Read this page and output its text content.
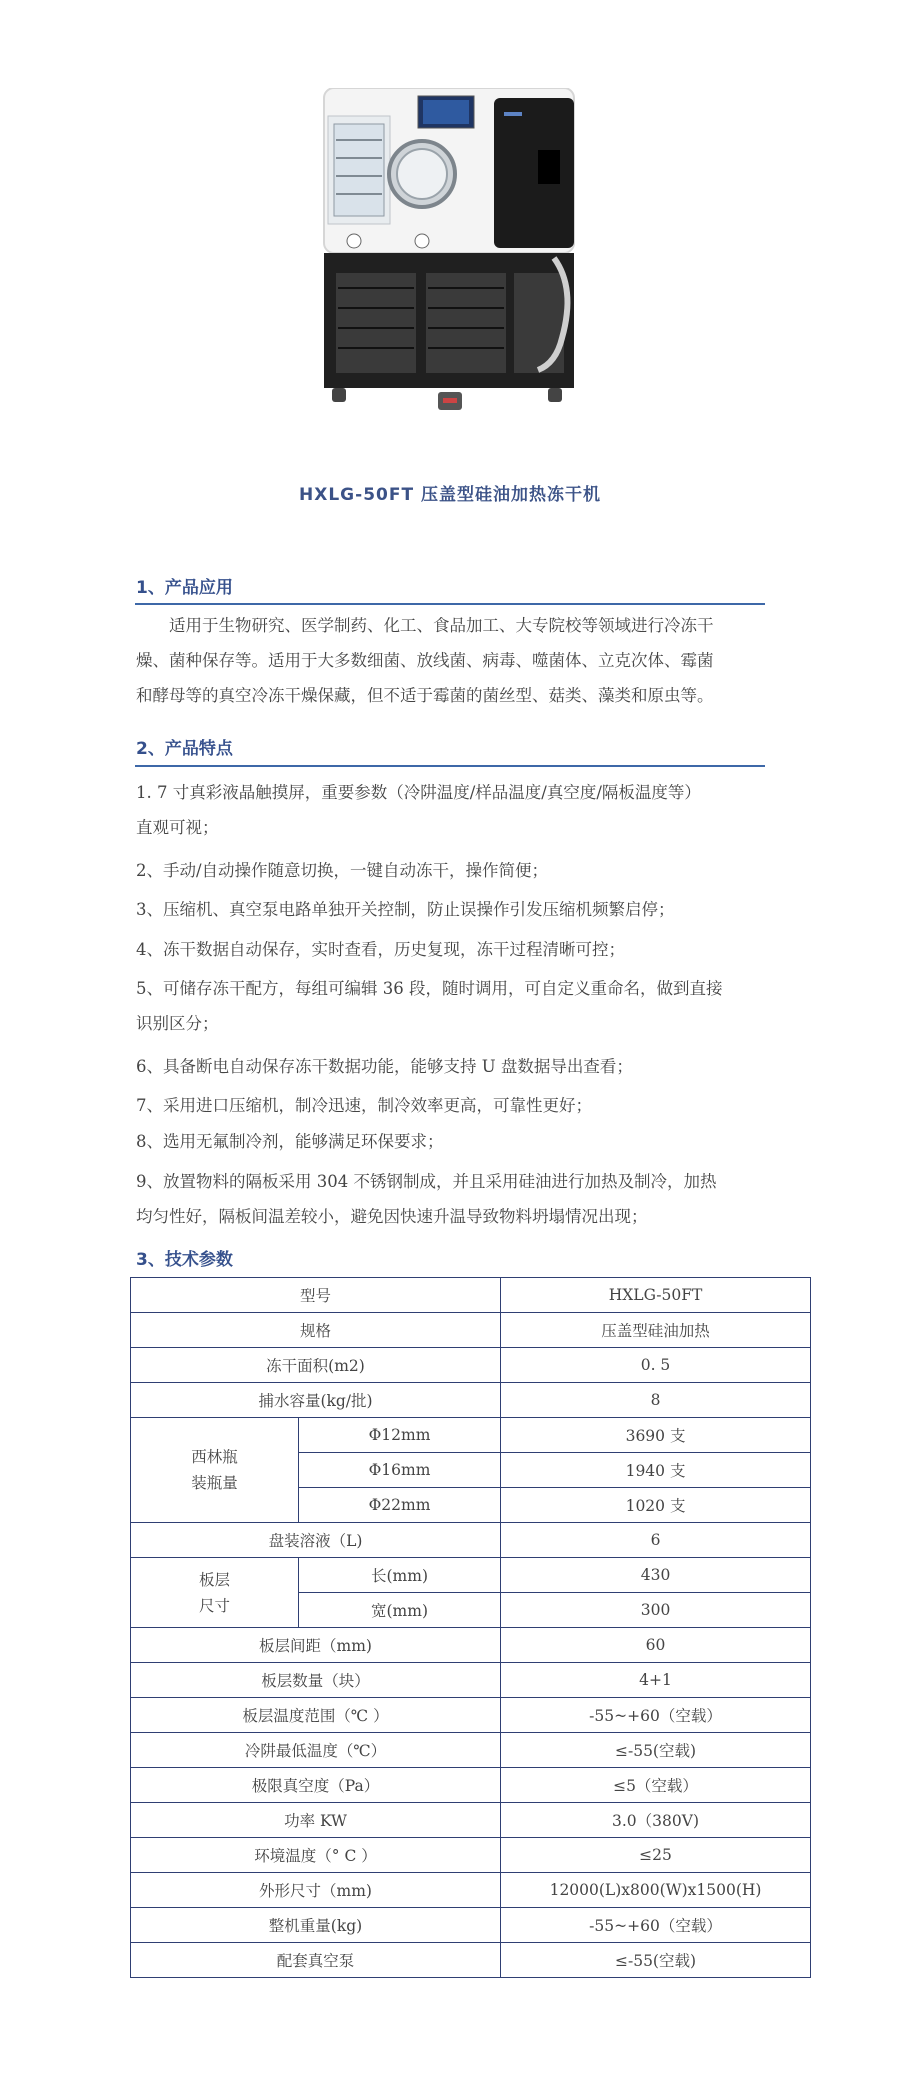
HXLG-50FT 压盖型硅油加热冻干机
1、产品应用
适用于生物研究、医学制药、化工、食品加工、大专院校等领域进行冷冻干
燥、菌种保存等。适用于大多数细菌、放线菌、病毒、噬菌体、立克次体、霉菌
和酵母等的真空冷冻干燥保藏，但不适于霉菌的菌丝型、菇类、藻类和原虫等。
2、产品特点
1. 7 寸真彩液晶触摸屏，重要参数（冷阱温度/样品温度/真空度/隔板温度等）
直观可视；
2、手动/自动操作随意切换，一键自动冻干，操作简便；
3、压缩机、真空泵电路单独开关控制，防止误操作引发压缩机频繁启停；
4、冻干数据自动保存，实时查看，历史复现，冻干过程清晰可控；
5、可储存冻干配方，每组可编辑 36 段，随时调用，可自定义重命名，做到直接
识别区分；
6、具备断电自动保存冻干数据功能，能够支持 U 盘数据导出查看；
7、采用进口压缩机，制冷迅速，制冷效率更高，可靠性更好；
8、选用无氟制冷剂，能够满足环保要求；
9、放置物料的隔板采用 304 不锈钢制成，并且采用硅油进行加热及制冷，加热
均匀性好，隔板间温差较小，避免因快速升温导致物料坍塌情况出现；
3、技术参数
型号		HXLG-50FT
规格		压盖型硅油加热
冻干面积(m2)		0. 5
捕水容量(kg/批)		8
西林瓶
装瓶量	Φ12mm	3690 支
	Φ16mm	1940 支
	Φ22mm	1020 支
盘装溶液（L)		6
板层
尺寸	长(mm)	430
	宽(mm)	300
板层间距（mm)		60
板层数量（块）		4+1
板层温度范围（℃ ）		-55~+60（空载）
冷阱最低温度（℃）		≤-55(空载)
极限真空度（Pa）		≤5（空载）
功率 KW		3.0（380V)
环境温度（° C ）		≤25
外形尺寸（mm)		12000(L)x800(W)x1500(H)
整机重量(kg)		-55~+60（空载）
配套真空泵		≤-55(空载)
